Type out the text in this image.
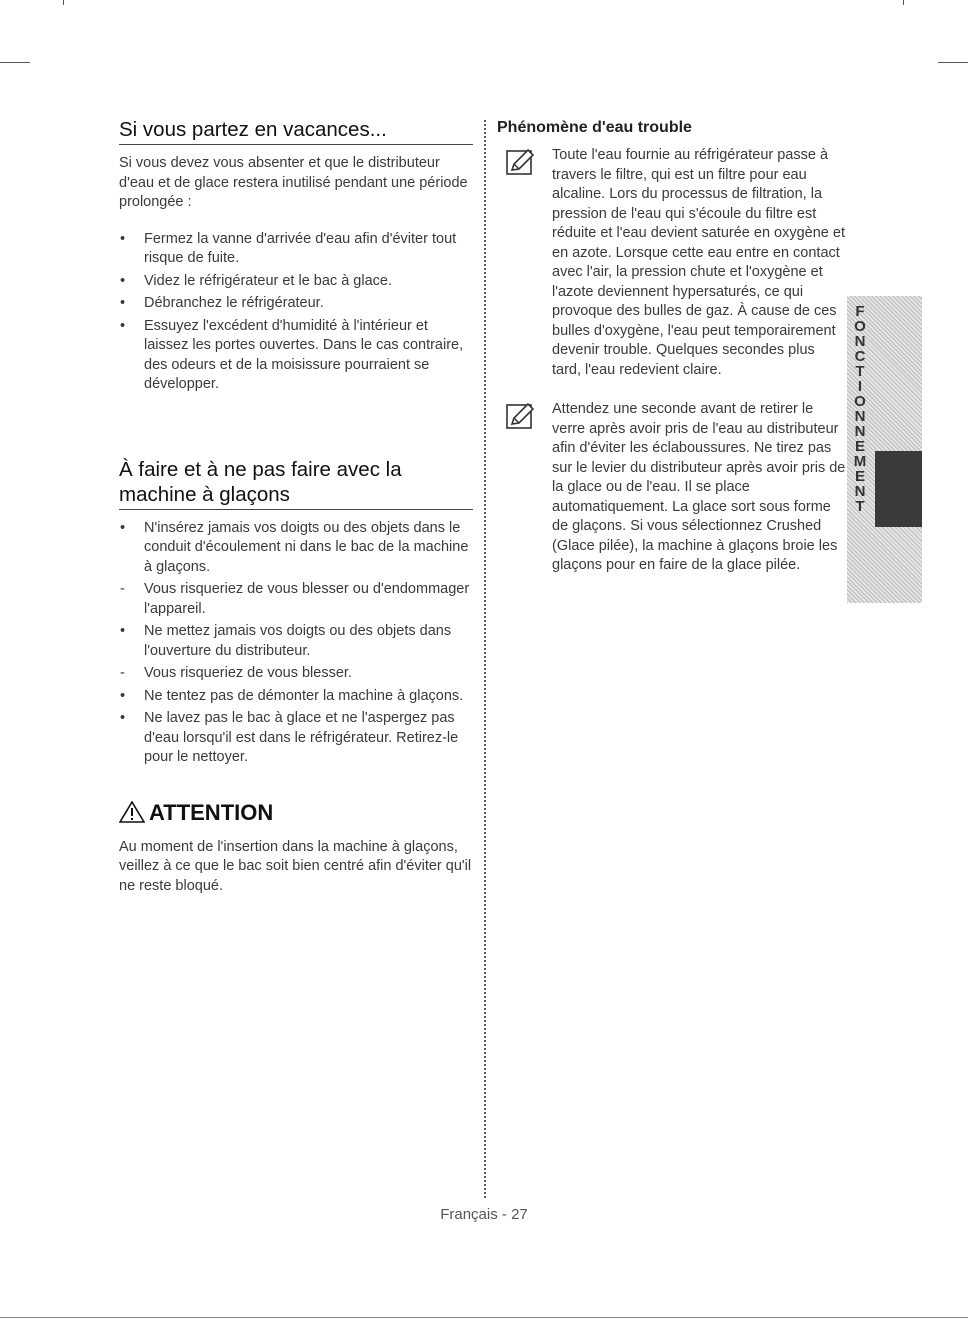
Si vous partez en vacances...

Si vous devez vous absenter et que le distributeur d'eau et de glace restera inutilisé pendant une période prolongée :

• Fermez la vanne d'arrivée d'eau afin d'éviter tout risque de fuite.
• Videz le réfrigérateur et le bac à glace.
• Débranchez le réfrigérateur.
• Essuyez l'excédent d'humidité à l'intérieur et laissez les portes ouvertes. Dans le cas contraire, des odeurs et de la moisissure pourraient se développer.
À faire et à ne pas faire avec la machine à glaçons
• N'insérez jamais vos doigts ou des objets dans le conduit d'écoulement ni dans le bac de la machine à glaçons.
- Vous risqueriez de vous blesser ou d'endommager l'appareil.
• Ne mettez jamais vos doigts ou des objets dans l'ouverture du distributeur.
- Vous risqueriez de vous blesser.
• Ne tentez pas de démonter la machine à glaçons.
• Ne lavez pas le bac à glace et ne l'aspergez pas d'eau lorsqu'il est dans le réfrigérateur. Retirez-le pour le nettoyer.
ATTENTION

Au moment de l'insertion dans la machine à glaçons, veillez à ce que le bac soit bien centré afin d'éviter qu'il ne reste bloqué.

Phénomène d'eau trouble
Toute l'eau fournie au réfrigérateur passe à travers le filtre, qui est un filtre pour eau alcaline. Lors du processus de filtration, la pression de l'eau qui s'écoule du filtre est réduite et l'eau devient saturée en oxygène et en azote. Lorsque cette eau entre en contact avec l'air, la pression chute et l'oxygène et l'azote deviennent hypersaturés, ce qui provoque des bulles de gaz. À cause de ces bulles d'oxygène, l'eau peut temporairement devenir trouble. Quelques secondes plus tard, l'eau redevient claire.
Attendez une seconde avant de retirer le verre après avoir pris de l'eau au distributeur afin d'éviter les éclaboussures. Ne tirez pas sur le levier du distributeur après avoir pris de la glace ou de l'eau. Il se place automatiquement. La glace sort sous forme de glaçons. Si vous sélectionnez Crushed (Glace pilée), la machine à glaçons broie les glaçons pour en faire de la glace pilée.
F
O
N
C
T
I
O
N
N
E
M
E
N
T
Français - 27
